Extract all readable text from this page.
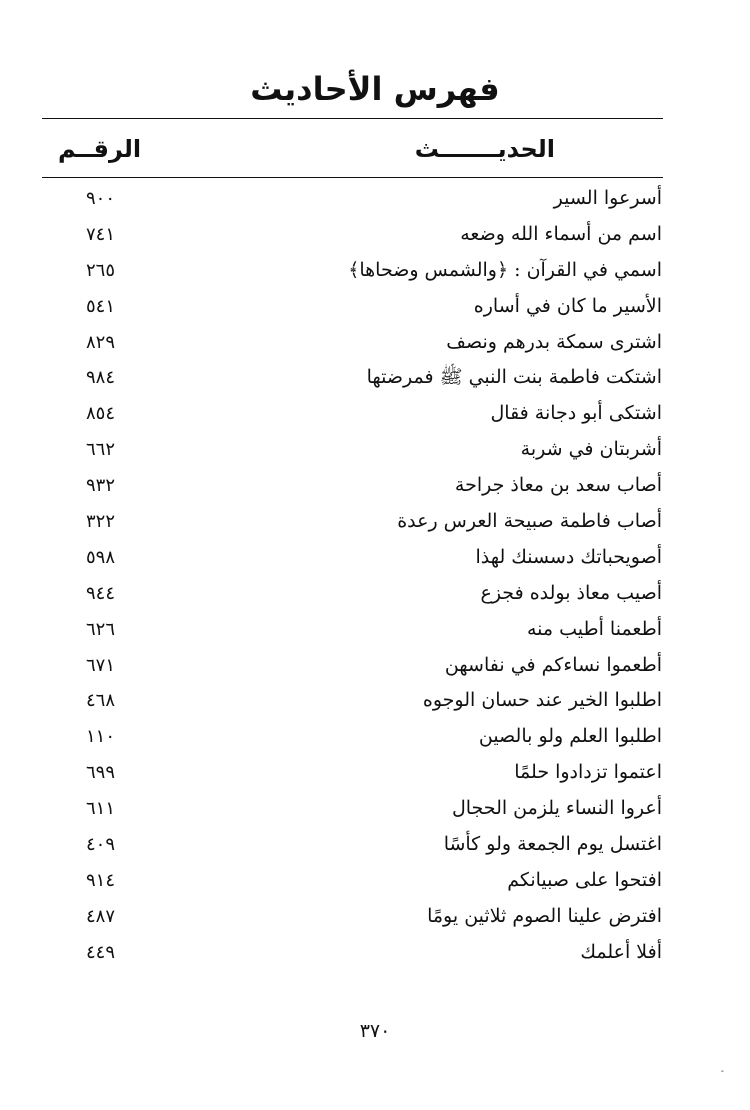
فهرس الأحاديث
الحديـــــــث
الرقــم
أسرعوا السير
٩٠٠
اسم من أسماء الله وضعه
٧٤١
اسمي في القرآن : ﴿والشمس وضحاها﴾
٢٦٥
الأسير ما كان في أساره
٥٤١
اشترى سمكة بدرهم ونصف
٨٢٩
اشتكت فاطمة بنت النبي ﷺ فمرضتها
٩٨٤
اشتكى أبو دجانة فقال
٨٥٤
أشربتان في شربة
٦٦٢
أصاب سعد بن معاذ جراحة
٩٣٢
أصاب فاطمة صبيحة العرس رعدة
٣٢٢
أصويحباتك دسسنك لهذا
٥٩٨
أصيب معاذ بولده فجزع
٩٤٤
أطعمنا أطيب منه
٦٢٦
أطعموا نساءكم في نفاسهن
٦٧١
اطلبوا الخير عند حسان الوجوه
٤٦٨
اطلبوا العلم ولو بالصين
١١٠
اعتموا تزدادوا حلمًا
٦٩٩
أعروا النساء يلزمن الحجال
٦١١
اغتسل يوم الجمعة ولو كأسًا
٤٠٩
افتحوا على صبيانكم
٩١٤
افترض علينا الصوم ثلاثين يومًا
٤٨٧
أفلا أعلمك
٤٤٩
٣٧٠
-
